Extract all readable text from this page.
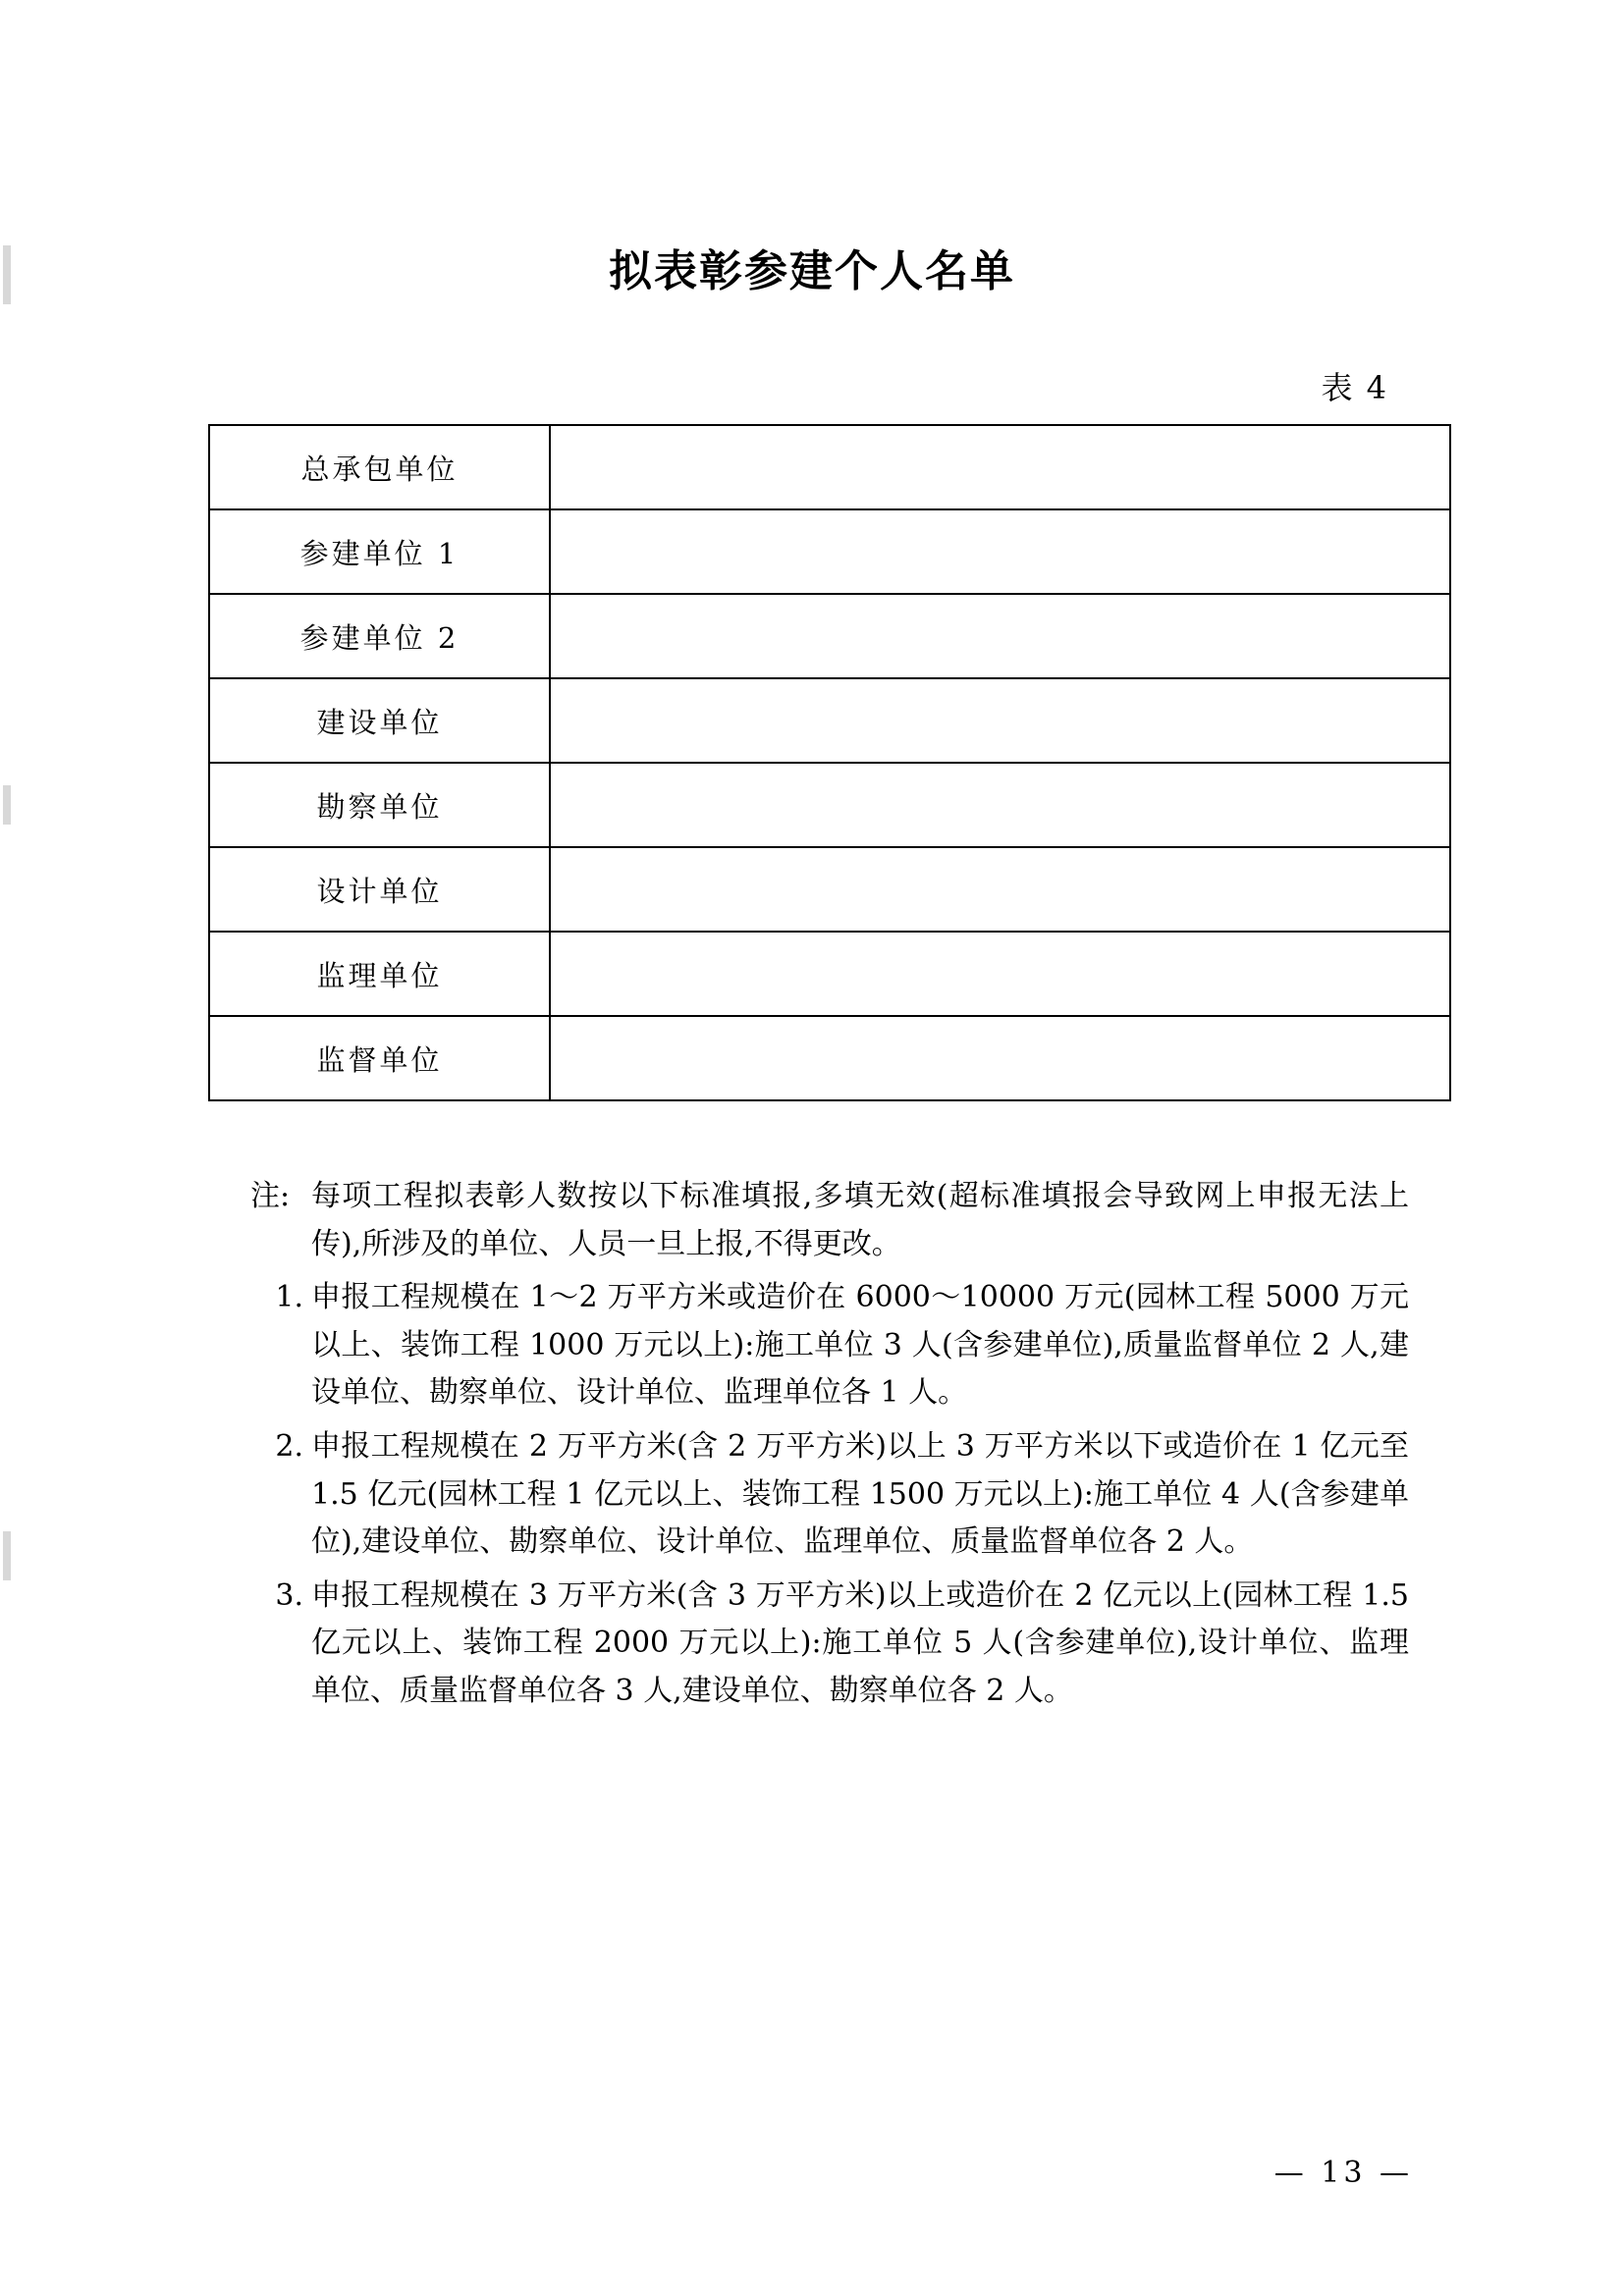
拟表彰参建个人名单
表 4
总承包单位	
参建单位 1	
参建单位 2	
建设单位	
勘察单位	
设计单位	
监理单位	
监督单位	
注: 每项工程拟表彰人数按以下标准填报,多填无效(超标准填报会导致网上申报无法上传),所涉及的单位、人员一旦上报,不得更改。
1. 申报工程规模在 1～2 万平方米或造价在 6000～10000 万元(园林工程 5000 万元以上、装饰工程 1000 万元以上):施工单位 3 人(含参建单位),质量监督单位 2 人,建设单位、勘察单位、设计单位、监理单位各 1 人。
2. 申报工程规模在 2 万平方米(含 2 万平方米)以上 3 万平方米以下或造价在 1 亿元至 1.5 亿元(园林工程 1 亿元以上、装饰工程 1500 万元以上):施工单位 4 人(含参建单位),建设单位、勘察单位、设计单位、监理单位、质量监督单位各 2 人。
3. 申报工程规模在 3 万平方米(含 3 万平方米)以上或造价在 2 亿元以上(园林工程 1.5 亿元以上、装饰工程 2000 万元以上):施工单位 5 人(含参建单位),设计单位、监理单位、质量监督单位各 3 人,建设单位、勘察单位各 2 人。
— 13 —
